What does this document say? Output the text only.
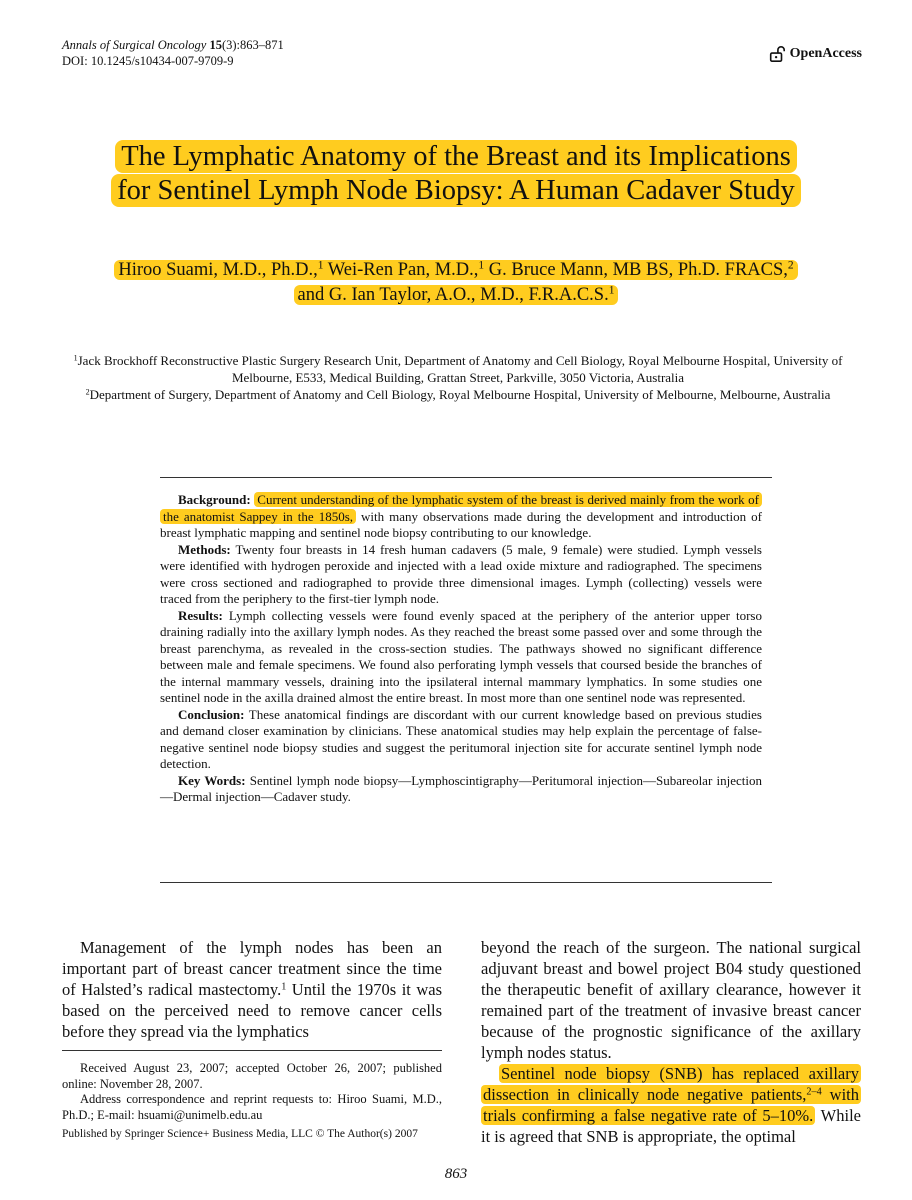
Annals of Surgical Oncology 15(3):863–871
DOI: 10.1245/s10434-007-9709-9	OpenAccess
The Lymphatic Anatomy of the Breast and its Implications
for Sentinel Lymph Node Biopsy: A Human Cadaver Study
Hiroo Suami, M.D., Ph.D.,$^1$ Wei-Ren Pan, M.D.,$^1$ G. Bruce Mann, MB BS, Ph.D. FRACS,$^2$
and G. Ian Taylor, A.O., M.D., F.R.A.C.S.$^1$
$^1$Jack Brockhoff Reconstructive Plastic Surgery Research Unit, Department of Anatomy and Cell Biology, Royal Melbourne Hospital, University of Melbourne, E533, Medical Building, Grattan Street, Parkville, 3050 Victoria, Australia
$^2$Department of Surgery, Department of Anatomy and Cell Biology, Royal Melbourne Hospital, University of Melbourne, Melbourne, Australia

Background: Current understanding of the lymphatic system of the breast is derived mainly from the work of the anatomist Sappey in the 1850s, with many observations made during the development and introduction of breast lymphatic mapping and sentinel node biopsy contributing to our knowledge.

Methods: Twenty four breasts in 14 fresh human cadavers (5 male, 9 female) were studied. Lymph vessels were identified with hydrogen peroxide and injected with a lead oxide mixture and radiographed. The specimens were cross sectioned and radiographed to provide three dimensional images. Lymph (collecting) vessels were traced from the periphery to the first-tier lymph node.

Results: Lymph collecting vessels were found evenly spaced at the periphery of the anterior upper torso draining radially into the axillary lymph nodes. As they reached the breast some passed over and some through the breast parenchyma, as revealed in the cross-section studies. The pathways showed no significant difference between male and female specimens. We found also perforating lymph vessels that coursed beside the branches of the internal mammary vessels, draining into the ipsilateral internal mammary lymphatics. In some studies one sentinel node in the axilla drained almost the entire breast. In most more than one sentinel node was represented.

Conclusion: These anatomical findings are discordant with our current knowledge based on previous studies and demand closer examination by clinicians. These anatomical studies may help explain the percentage of false-negative sentinel node biopsy studies and suggest the peritumoral injection site for accurate sentinel lymph node detection.

Key Words: Sentinel lymph node biopsy—Lymphoscintigraphy—Peritumoral injection—Subareolar injection—Dermal injection—Cadaver study.

Management of the lymph nodes has been an important part of breast cancer treatment since the time of Halsted’s radical mastectomy.$^1$ Until the 1970s it was based on the perceived need to remove cancer cells before they spread via the lymphatics

beyond the reach of the surgeon. The national surgical adjuvant breast and bowel project B04 study questioned the therapeutic benefit of axillary clearance, however it remained part of the treatment of invasive breast cancer because of the prognostic significance of the axillary lymph nodes status.

Sentinel node biopsy (SNB) has replaced axillary dissection in clinically node negative patients,$^{2-4}$ with trials confirming a false negative rate of 5–10%. While it is agreed that SNB is appropriate, the optimal

Received August 23, 2007; accepted October 26, 2007; published online: November 28, 2007.

Address correspondence and reprint requests to: Hiroo Suami, M.D., Ph.D.; E-mail: hsuami@unimelb.edu.au

Published by Springer Science+ Business Media, LLC © The Author(s) 2007

863
